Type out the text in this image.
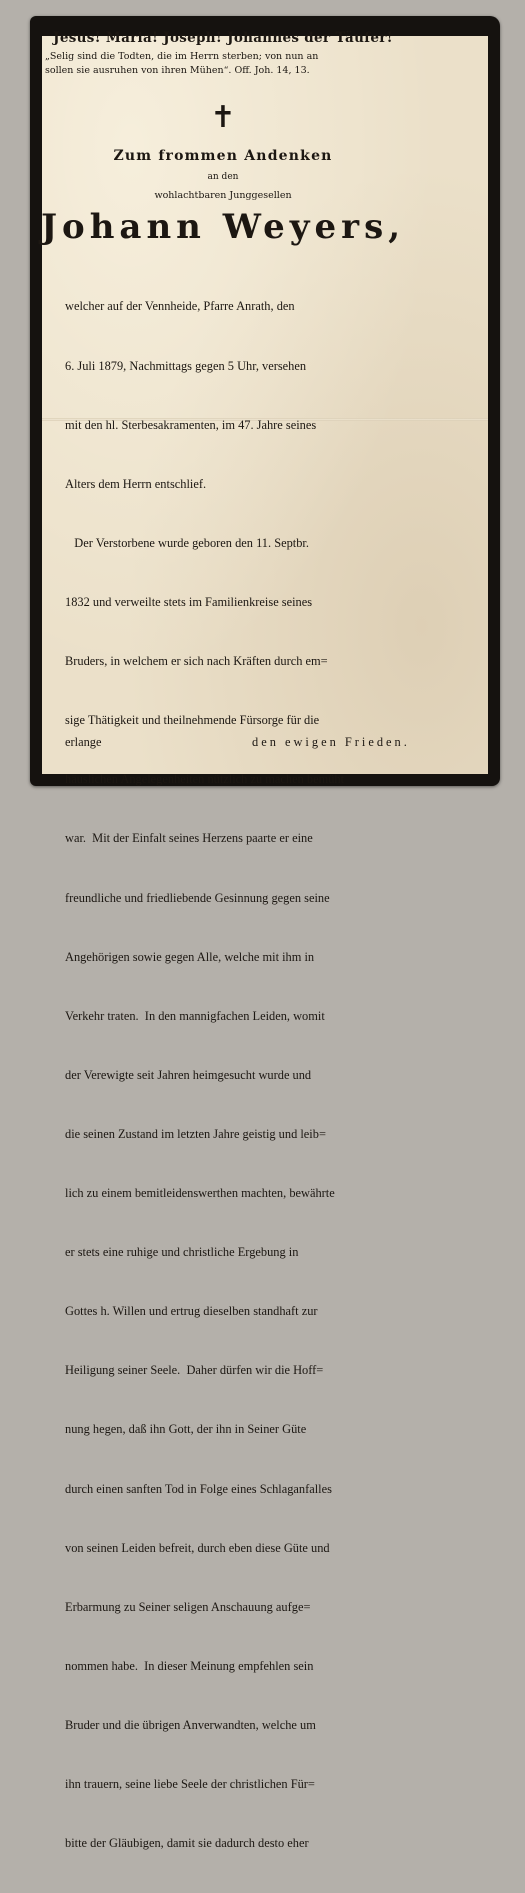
Jesus! Maria! Joseph! Johannes der Täufer!
„Selig sind die Todten, die im Herrn sterben; von nun an
sollen sie ausruhen von ihren Mühen“. Off. Joh. 14, 13.
✝
Zum frommen Andenken
an den
wohlachtbaren Junggesellen
Johann Weyers,

welcher auf der Vennheide, Pfarre Anrath, den

6. Juli 1879, Nachmittags gegen 5 Uhr, versehen

mit den hl. Sterbesakramenten, im 47. Jahre seines

Alters dem Herrn entschlief.

Der Verstorbene wurde geboren den 11. Septbr.

1832 und verweilte stets im Familienkreise seines

Bruders, in welchem er sich nach Kräften durch em=

sige Thätigkeit und theilnehmende Fürsorge für die

häuslichen Angelegenheiten nützlich zu machen bemüht

war.  Mit der Einfalt seines Herzens paarte er eine

freundliche und friedliebende Gesinnung gegen seine

Angehörigen sowie gegen Alle, welche mit ihm in

Verkehr traten.  In den mannigfachen Leiden, womit

der Verewigte seit Jahren heimgesucht wurde und

die seinen Zustand im letzten Jahre geistig und leib=

lich zu einem bemitleidenswerthen machten, bewährte

er stets eine ruhige und christliche Ergebung in

Gottes h. Willen und ertrug dieselben standhaft zur

Heiligung seiner Seele.  Daher dürfen wir die Hoff=

nung hegen, daß ihn Gott, der ihn in Seiner Güte

durch einen sanften Tod in Folge eines Schlaganfalles

von seinen Leiden befreit, durch eben diese Güte und

Erbarmung zu Seiner seligen Anschauung aufge=

nommen habe.  In dieser Meinung empfehlen sein

Bruder und die übrigen Anverwandten, welche um

ihn trauern, seine liebe Seele der christlichen Für=

bitte der Gläubigen, damit sie dadurch desto eher

erlange	den ewigen Frieden.
